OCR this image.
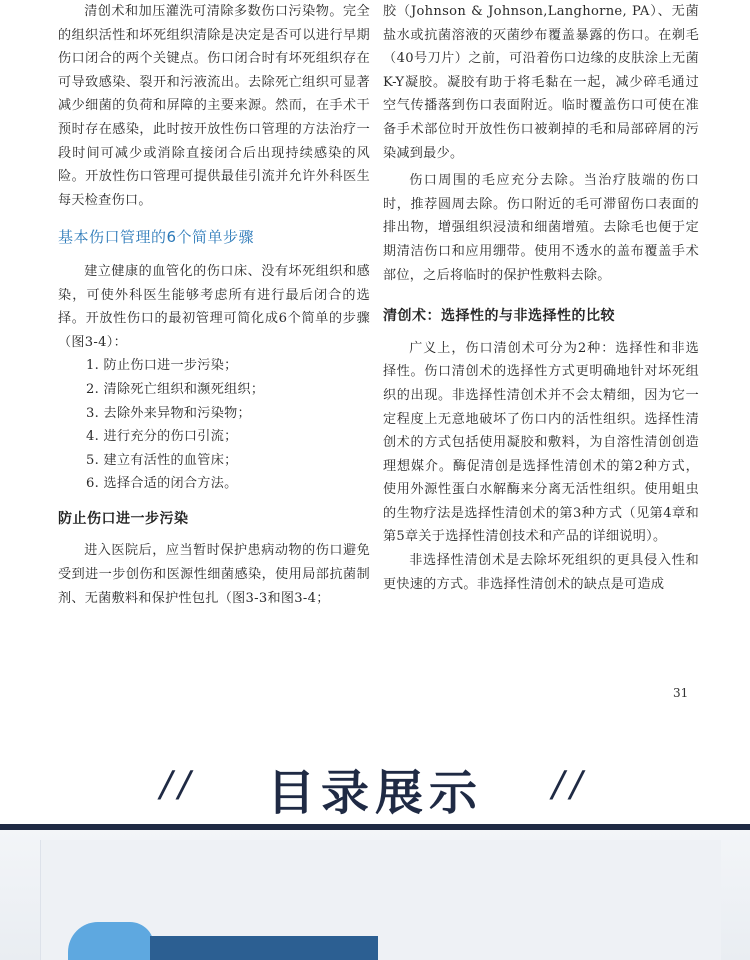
清创术和加压灌洗可清除多数伤口污染物。完全的组织活性和坏死组织清除是决定是否可以进行早期伤口闭合的两个关键点。伤口闭合时有坏死组织存在可导致感染、裂开和污液流出。去除死亡组织可显著减少细菌的负荷和屏障的主要来源。然而，在手术干预时存在感染，此时按开放性伤口管理的方法治疗一段时间可减少或消除直接闭合后出现持续感染的风险。开放性伤口管理可提供最佳引流并允许外科医生每天检查伤口。

基本伤口管理的6个简单步骤

建立健康的血管化的伤口床、没有坏死组织和感染，可使外科医生能够考虑所有进行最后闭合的选择。开放性伤口的最初管理可简化成6个简单的步骤（图3-4）：

1. 防止伤口进一步污染；
2. 清除死亡组织和濒死组织；
3. 去除外来异物和污染物；
4. 进行充分的伤口引流；
5. 建立有活性的血管床；
6. 选择合适的闭合方法。

防止伤口进一步污染

进入医院后，应当暂时保护患病动物的伤口避免受到进一步创伤和医源性细菌感染，使用局部抗菌制剂、无菌敷料和保护性包扎（图3-3和图3-4；

胶（Johnson & Johnson,Langhorne, PA）、无菌盐水或抗菌溶液的灭菌纱布覆盖暴露的伤口。在剃毛（40号刀片）之前，可沿着伤口边缘的皮肤涂上无菌K-Y凝胶。凝胶有助于将毛黏在一起，减少碎毛通过空气传播落到伤口表面附近。临时覆盖伤口可使在准备手术部位时开放性伤口被剃掉的毛和局部碎屑的污染减到最少。

伤口周围的毛应充分去除。当治疗肢端的伤口时，推荐圆周去除。伤口附近的毛可滞留伤口表面的排出物，增强组织浸渍和细菌增殖。去除毛也便于定期清洁伤口和应用绷带。使用不透水的盖布覆盖手术部位，之后将临时的保护性敷料去除。

清创术：选择性的与非选择性的比较

广义上，伤口清创术可分为2种：选择性和非选择性。伤口清创术的选择性方式更明确地针对坏死组织的出现。非选择性清创术并不会太精细，因为它一定程度上无意地破坏了伤口内的活性组织。选择性清创术的方式包括使用凝胶和敷料，为自溶性清创创造理想媒介。酶促清创是选择性清创术的第2种方式，使用外源性蛋白水解酶来分离无活性组织。使用蛆虫的生物疗法是选择性清创术的第3种方式（见第4章和第5章关于选择性清创技术和产品的详细说明）。

非选择性清创术是去除坏死组织的更具侵入性和更快速的方式。非选择性清创术的缺点是可造成

31
//	目录展示	//
